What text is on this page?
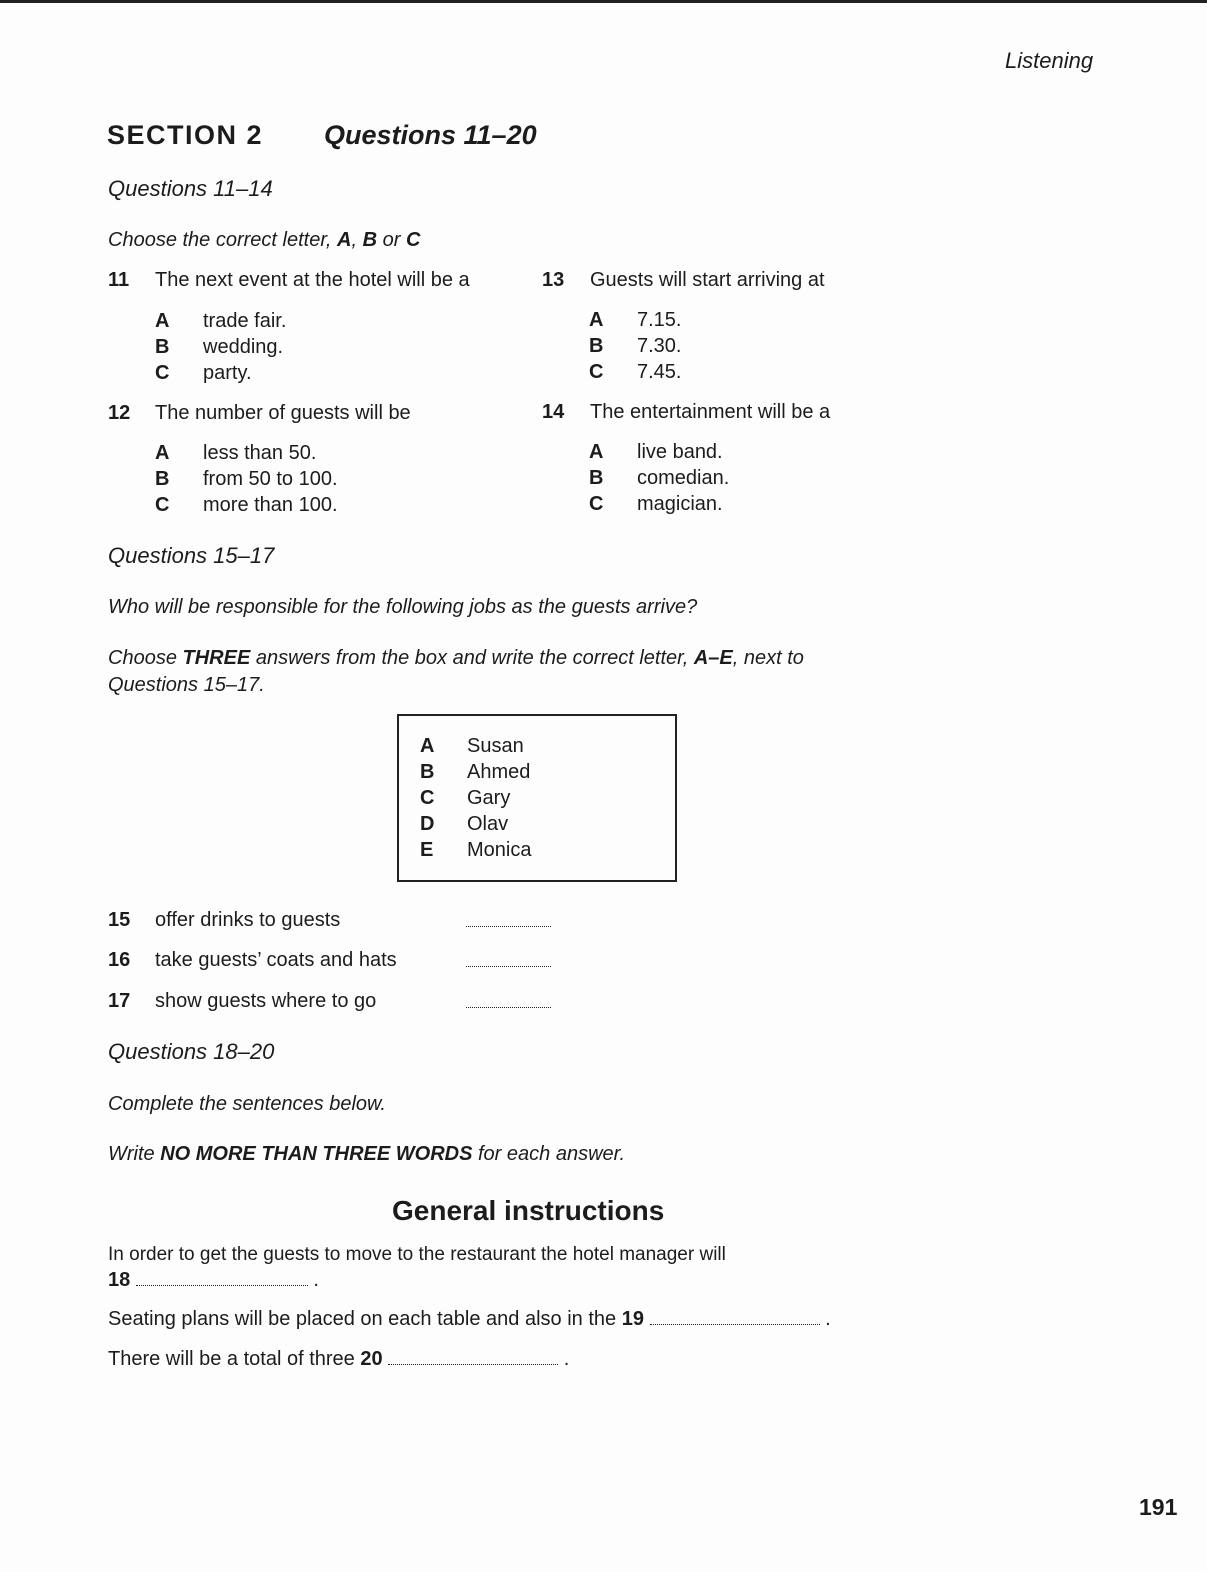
Listening
SECTION 2 Questions 11–20
Questions 11–14
Choose the correct letter, A, B or C
11 The next event at the hotel will be a
A trade fair.
B wedding.
C party.
12 The number of guests will be
A less than 50.
B from 50 to 100.
C more than 100.
13 Guests will start arriving at
A 7.15.
B 7.30.
C 7.45.
14 The entertainment will be a
A live band.
B comedian.
C magician.
Questions 15–17
Who will be responsible for the following jobs as the guests arrive?
Choose THREE answers from the box and write the correct letter, A–E, next to
Questions 15–17.
A Susan
B Ahmed
C Gary
D Olav
E Monica
15 offer drinks to guests
16 take guests’ coats and hats
17 show guests where to go
Questions 18–20
Complete the sentences below.
Write NO MORE THAN THREE WORDS for each answer.
General instructions
In order to get the guests to move to the restaurant the hotel manager will
18	.
Seating plans will be placed on each table and also in the 19	.
There will be a total of three 20	.
191
